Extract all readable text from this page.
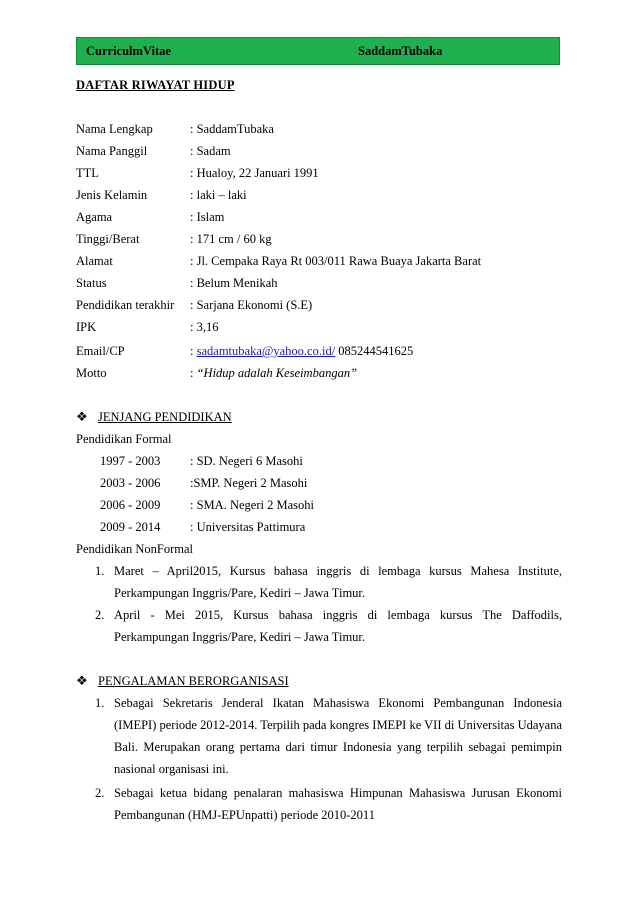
CurriculmVitae	SaddamTubaka
DAFTAR RIWAYAT HIDUP
Nama Lengkap	: SaddamTubaka
Nama Panggil	: Sadam
TTL	: Hualoy, 22 Januari 1991
Jenis Kelamin	: laki – laki
Agama	: Islam
Tinggi/Berat	: 171 cm / 60 kg
Alamat	: Jl. Cempaka Raya Rt 003/011 Rawa Buaya Jakarta Barat
Status	: Belum Menikah
Pendidikan terakhir : Sarjana Ekonomi (S.E)
IPK	: 3,16
Email/CP	: sadamtubaka@yahoo.co.id/ 085244541625
Motto	: “Hidup adalah Keseimbangan”
❖ JENJANG PENDIDIKAN
Pendidikan Formal
1997 - 2003 : SD. Negeri 6 Masohi
2003 - 2006 :SMP. Negeri 2 Masohi
2006 - 2009 : SMA. Negeri 2 Masohi
2009 - 2014 : Universitas Pattimura
Pendidikan NonFormal
1. Maret – April2015, Kursus bahasa inggris di lembaga kursus Mahesa Institute, Perkampungan Inggris/Pare, Kediri – Jawa Timur.
2. April - Mei 2015, Kursus bahasa inggris di lembaga kursus The Daffodils, Perkampungan Inggris/Pare, Kediri – Jawa Timur.
❖ PENGALAMAN BERORGANISASI
1. Sebagai Sekretaris Jenderal Ikatan Mahasiswa Ekonomi Pembangunan Indonesia (IMEPI) periode 2012-2014. Terpilih pada kongres IMEPI ke VII di Universitas Udayana Bali. Merupakan orang pertama dari timur Indonesia yang terpilih sebagai pemimpin nasional organisasi ini.
2. Sebagai ketua bidang penalaran mahasiswa Himpunan Mahasiswa Jurusan Ekonomi Pembangunan (HMJ-EPUnpatti) periode 2010-2011
